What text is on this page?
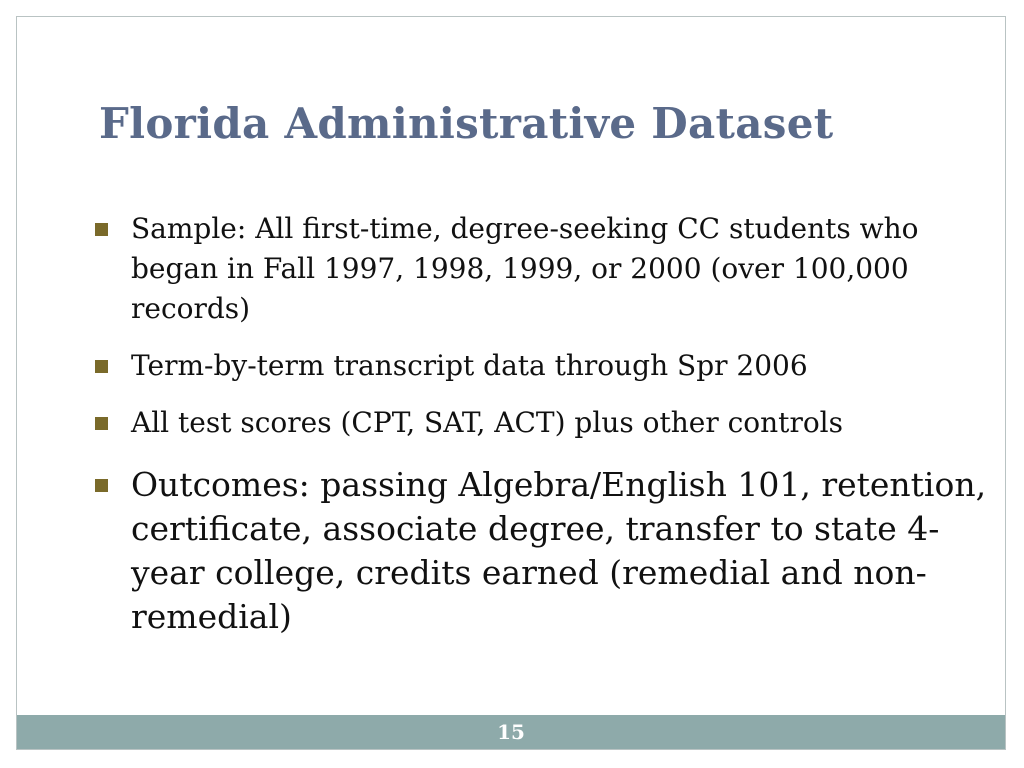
Florida Administrative Dataset
Sample: All first-time, degree-seeking CC students who began in Fall 1997, 1998, 1999, or 2000 (over 100,000 records)
Term-by-term transcript data through Spr 2006
All test scores (CPT, SAT, ACT) plus other controls
Outcomes: passing Algebra/English 101, retention, certificate, associate degree, transfer to state 4-year college, credits earned (remedial and non-remedial)
15
